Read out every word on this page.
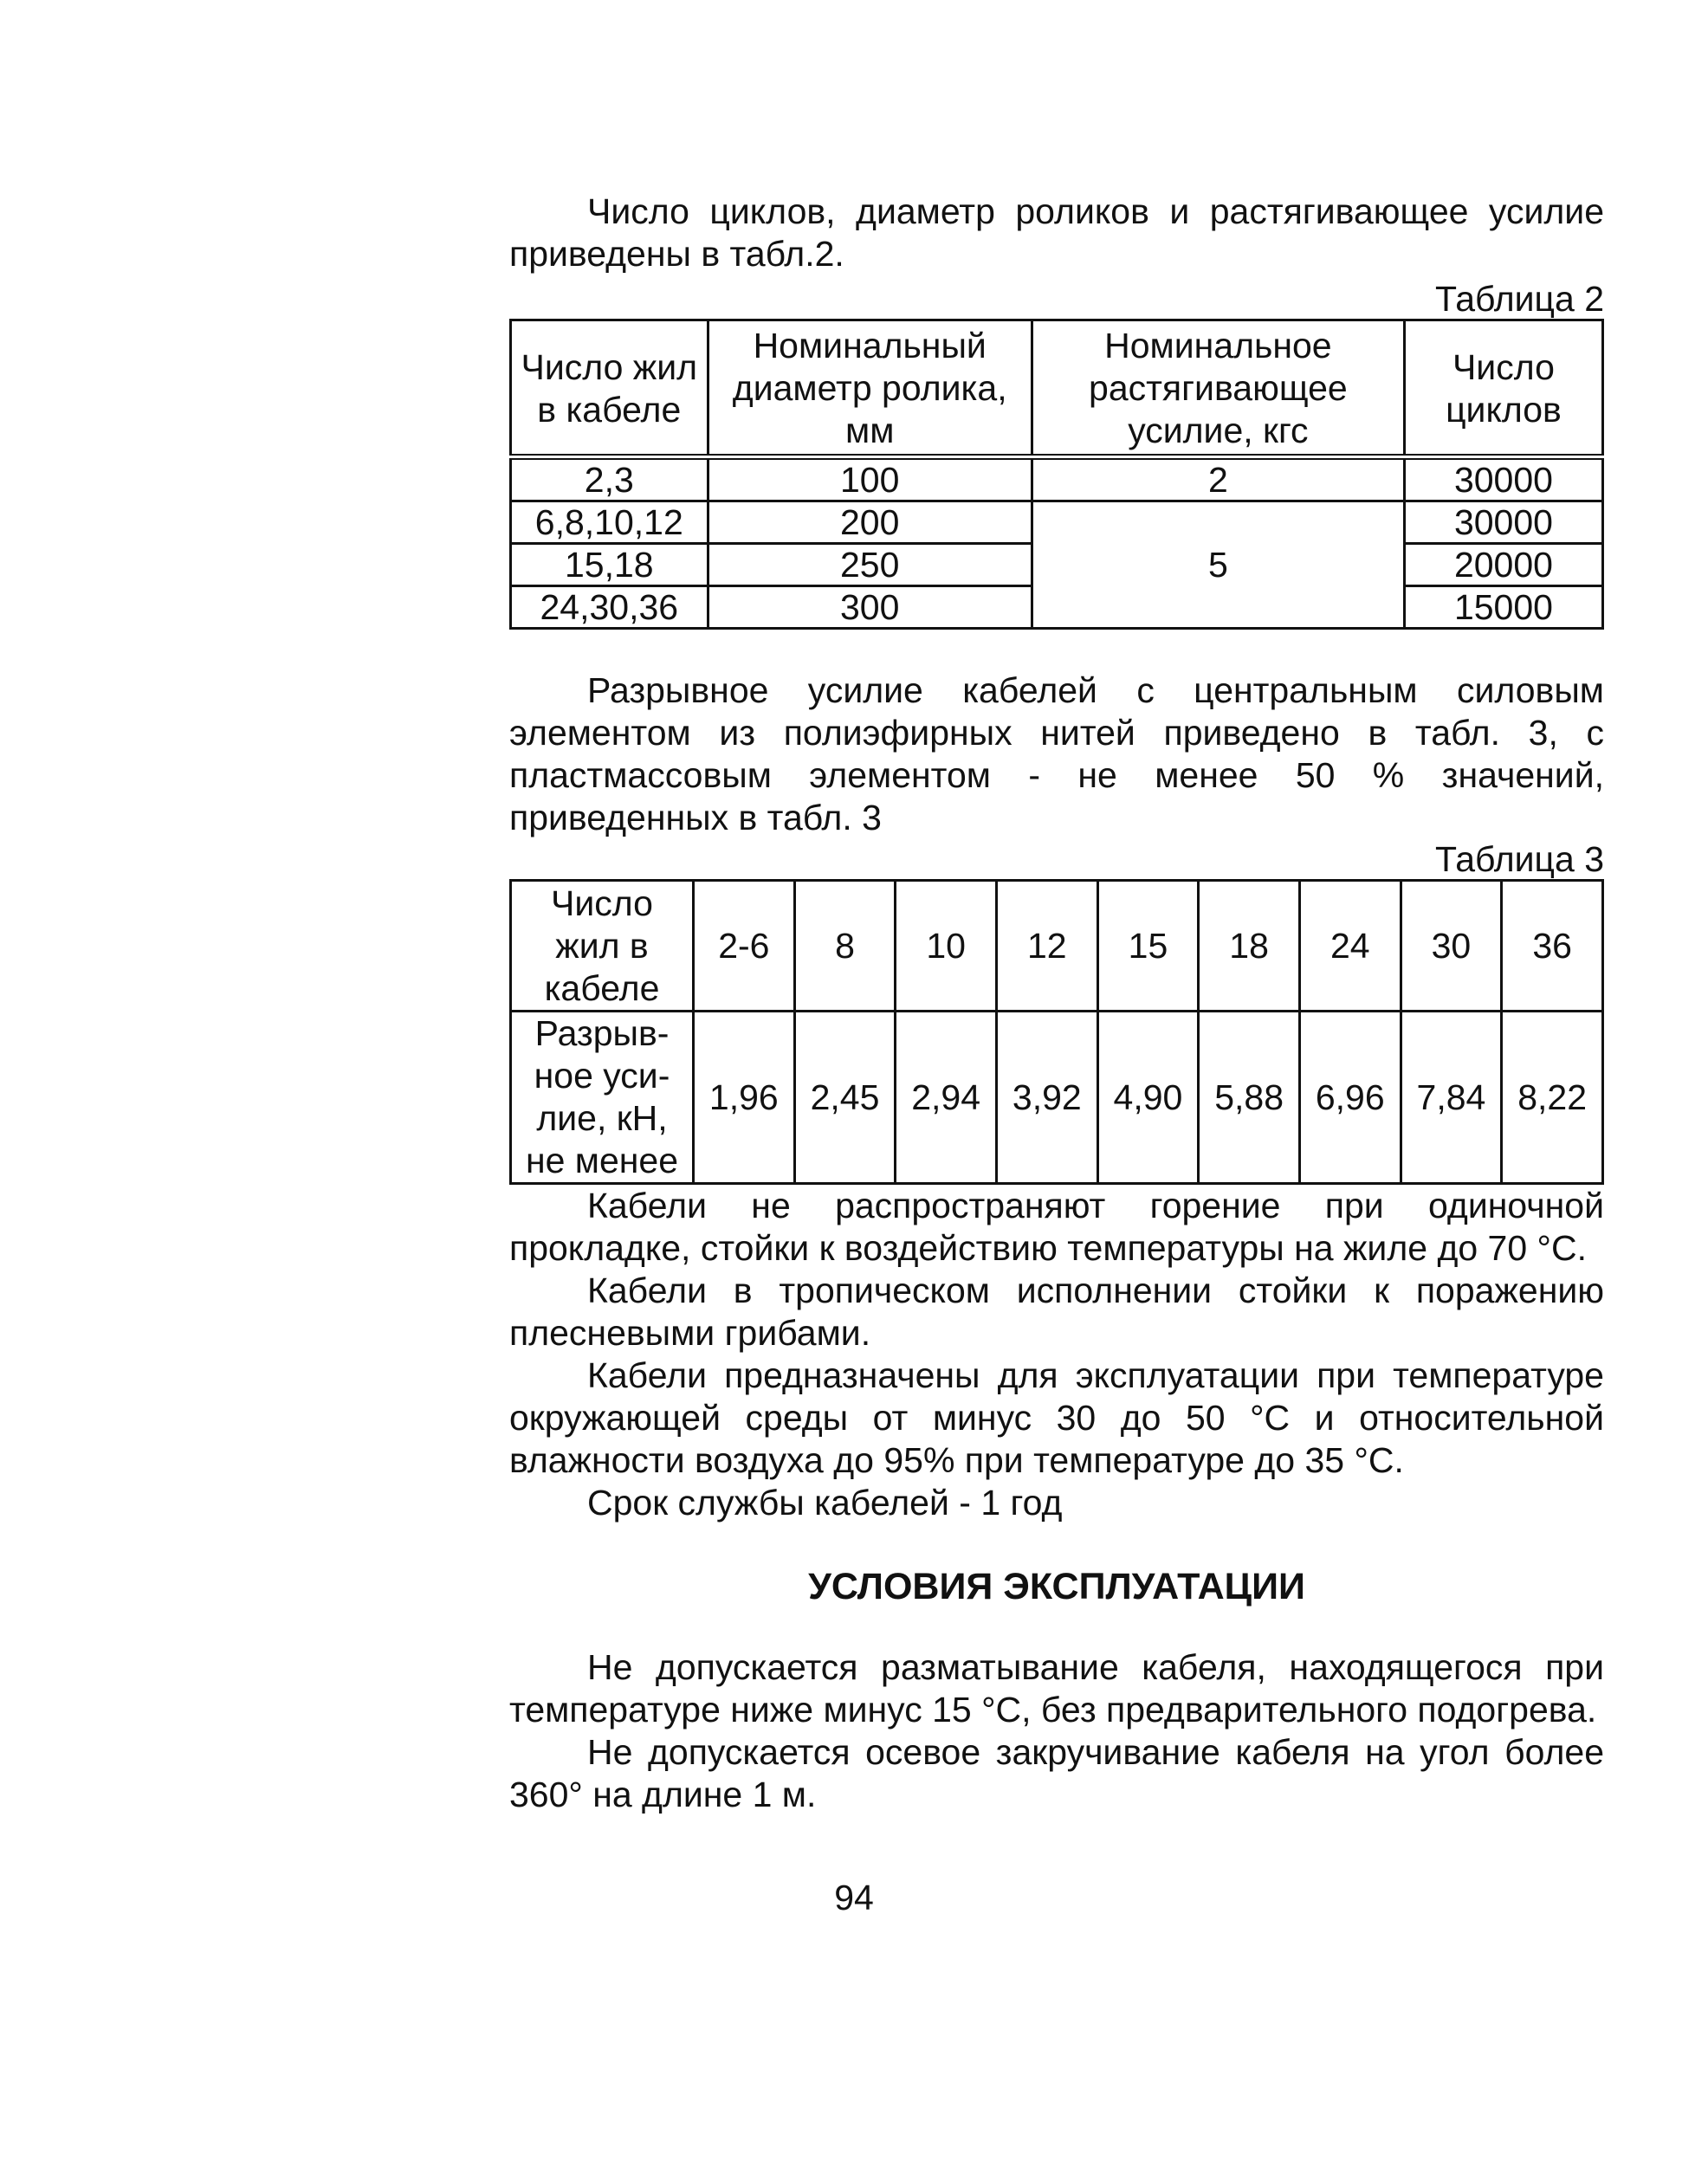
Число циклов, диаметр роликов и растягивающее усилие приведены в табл.2.

Таблица 2
Число жил в кабеле	Номинальный диаметр ролика, мм	Номинальное растягивающее усилие, кгс	Число циклов
2,3	100	2	30000
6,8,10,12	200	5	30000
15,18	250		20000
24,30,36	300		15000

Разрывное усилие кабелей с центральным силовым элементом из полиэфирных нитей приведено в табл. 3, с пластмассовым элементом - не менее 50 % значений, приведенных в табл. 3

Таблица 3
Число жил в кабеле	2-6	8	10	12	15	18	24	30	36
Разрыв-ное уси-лие, кН, не менее	1,96	2,45	2,94	3,92	4,90	5,88	6,96	7,84	8,22

Кабели не распространяют горение при одиночной прокладке, стойки к воздействию температуры на жиле до 70 °С.

Кабели в тропическом исполнении стойки к поражению плесневыми грибами.

Кабели предназначены для эксплуатации при температуре окружающей среды от минус 30 до 50 °С и относительной влажности воздуха до 95% при температуре до 35 °С.

Срок службы кабелей - 1 год

УСЛОВИЯ ЭКСПЛУАТАЦИИ

Не допускается разматывание кабеля, находящегося при температуре ниже минус 15 °С, без предварительного подогрева.

Не допускается осевое закручивание кабеля на угол более 360° на длине 1 м.

94
